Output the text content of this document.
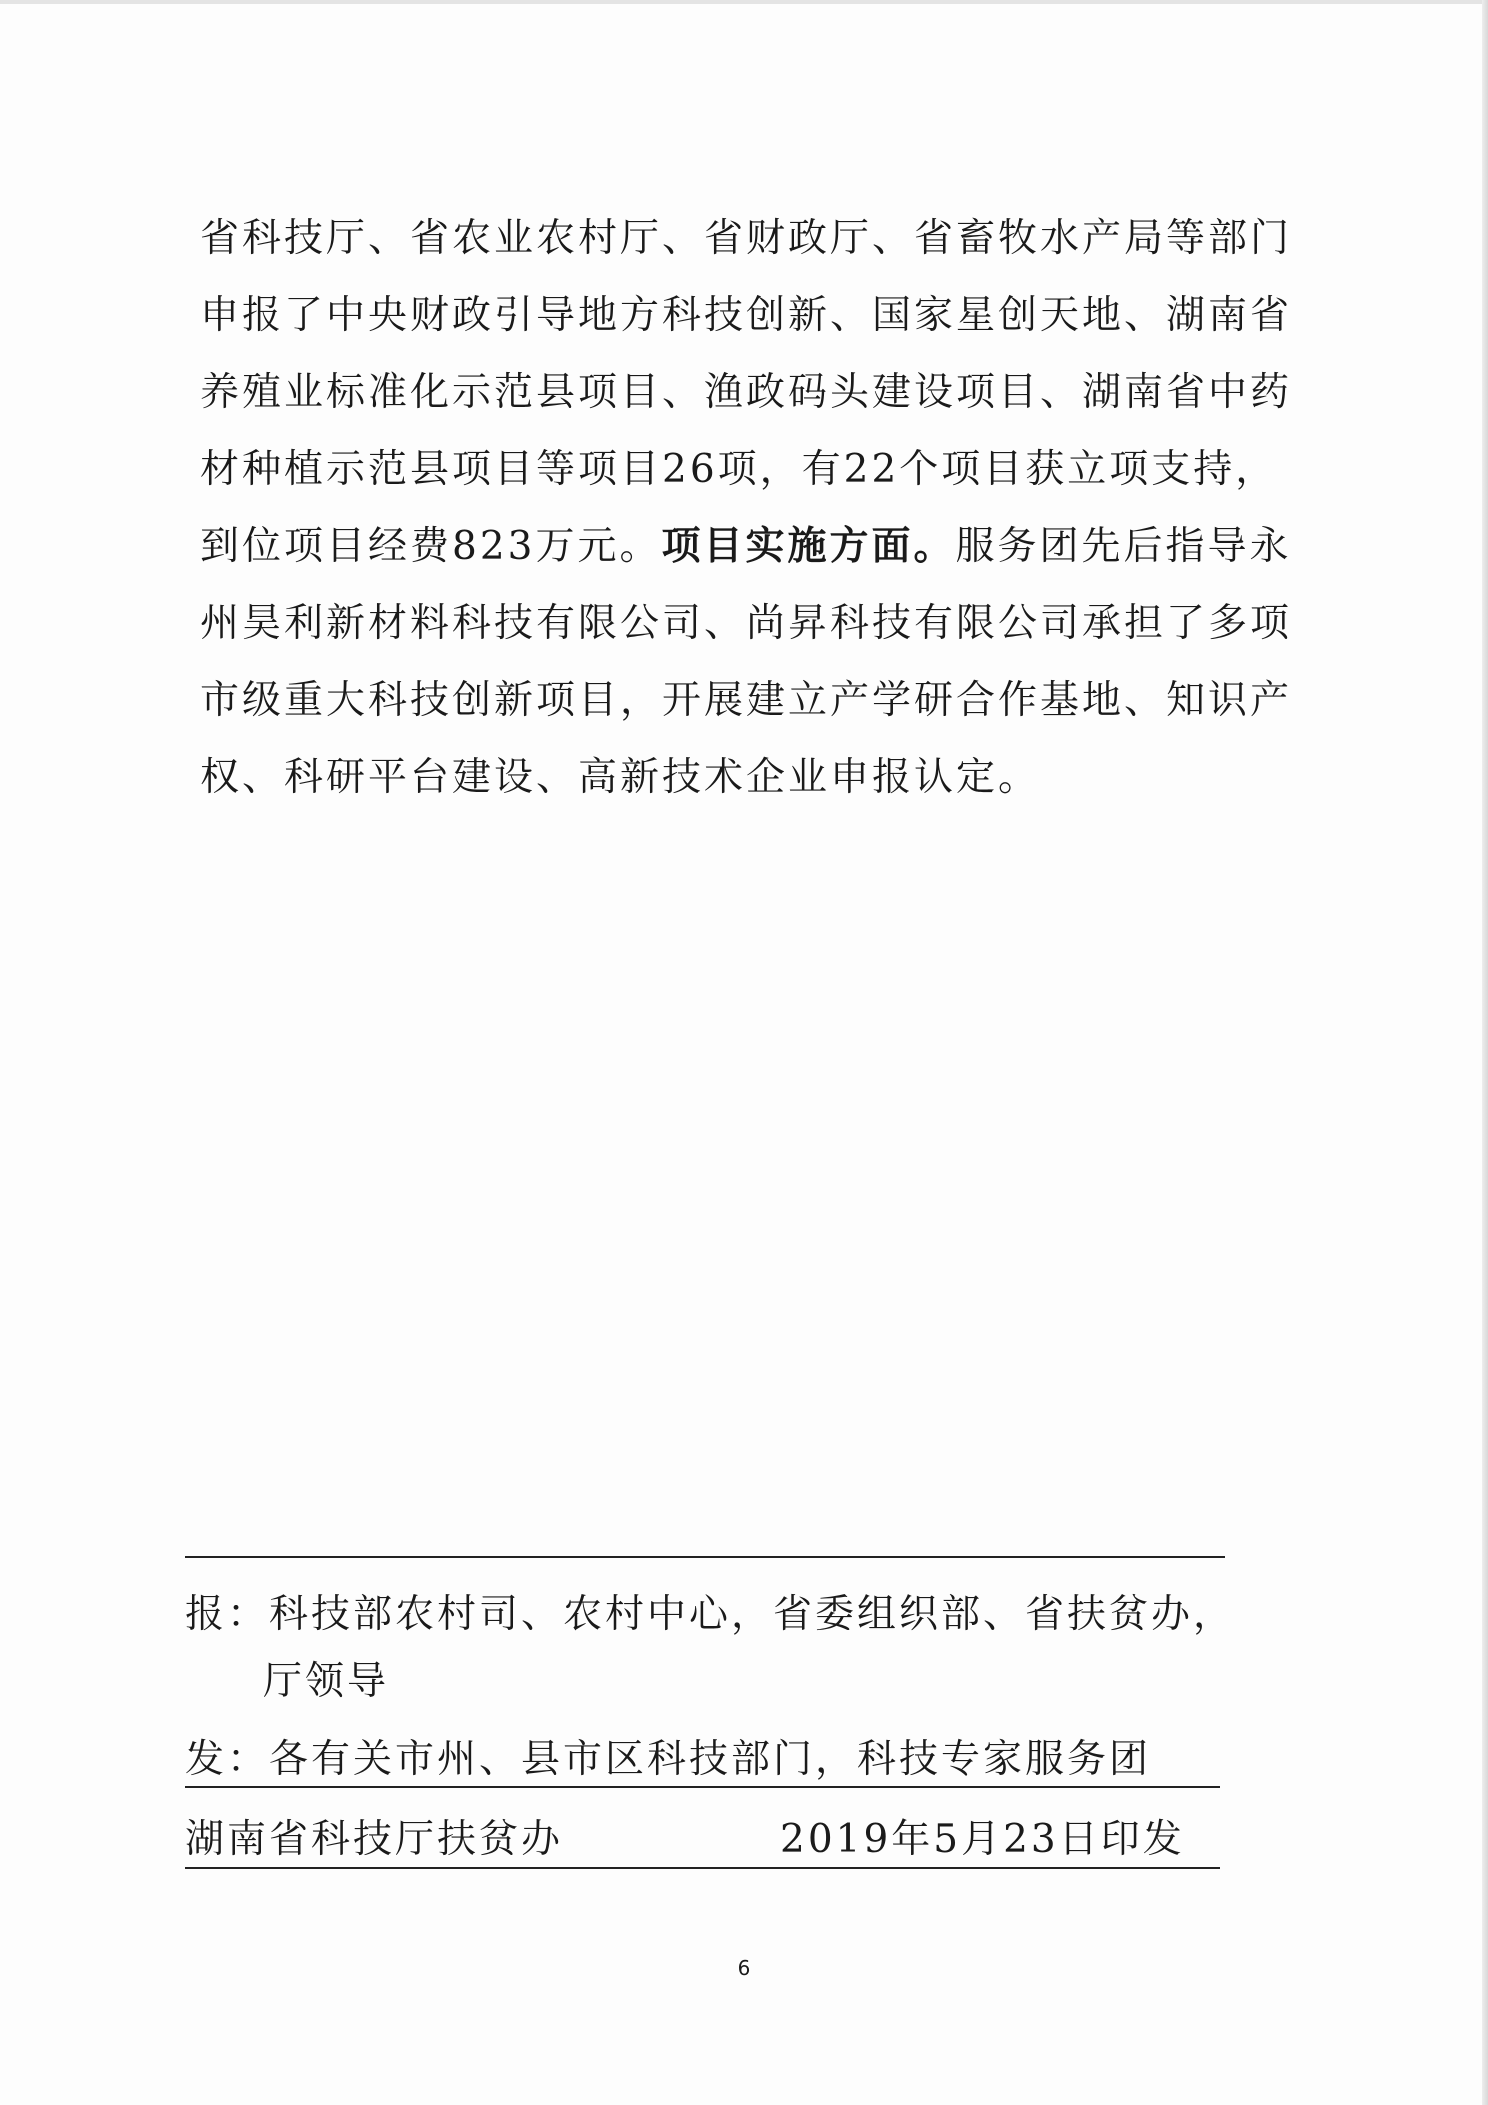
省科技厅、省农业农村厅、省财政厅、省畜牧水产局等部门
申报了中央财政引导地方科技创新、国家星创天地、湖南省
养殖业标准化示范县项目、渔政码头建设项目、湖南省中药
材种植示范县项目等项目26项，有22个项目获立项支持，
到位项目经费823万元。项目实施方面。服务团先后指导永
州昊利新材料科技有限公司、尚昇科技有限公司承担了多项
市级重大科技创新项目，开展建立产学研合作基地、知识产
权、科研平台建设、高新技术企业申报认定。
报：科技部农村司、农村中心，省委组织部、省扶贫办，
厅领导
发：各有关市州、县市区科技部门，科技专家服务团
湖南省科技厅扶贫办	2019年5月23日印发
6
